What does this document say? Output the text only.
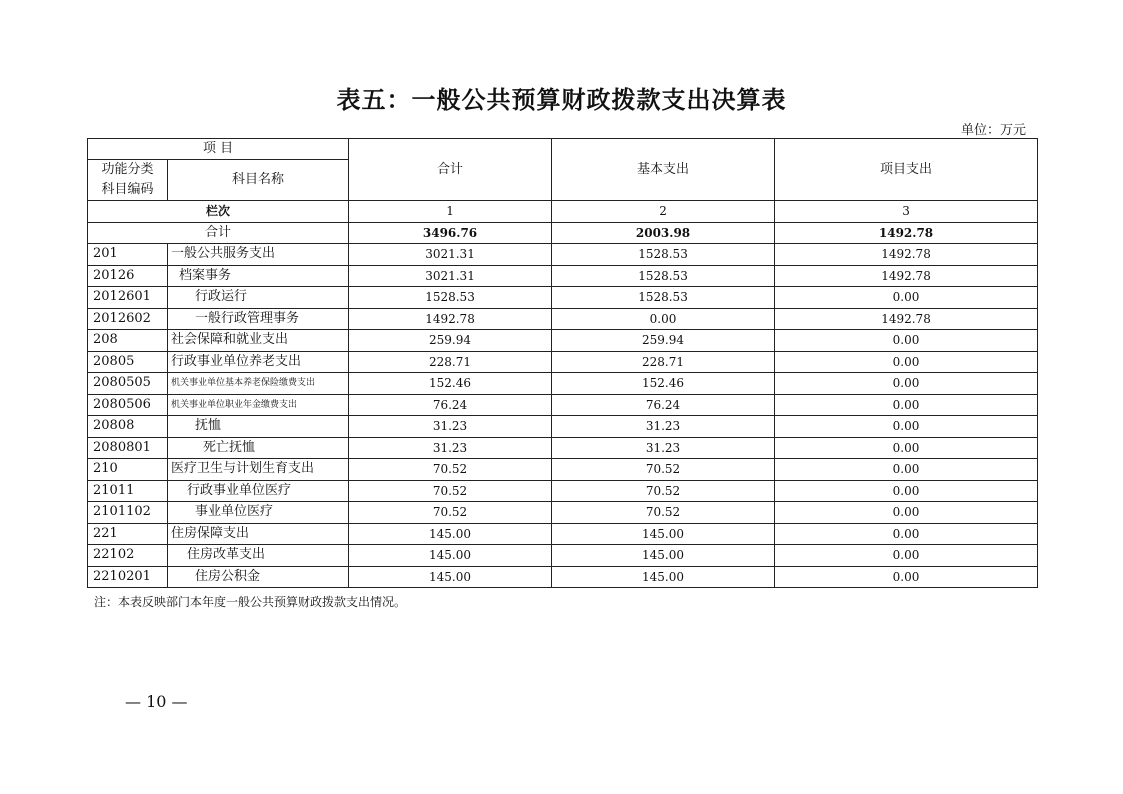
表五：一般公共预算财政拨款支出决算表
单位：万元
项 目		合计	基本支出	项目支出
功能分类
科目编码	科目名称			
栏次		1	2	3
合计		3496.76	2003.98	1492.78
201	一般公共服务支出	3021.31	1528.53	1492.78
20126	档案事务	3021.31	1528.53	1492.78
2012601	行政运行	1528.53	1528.53	0.00
2012602	一般行政管理事务	1492.78	0.00	1492.78
208	社会保障和就业支出	259.94	259.94	0.00
20805	行政事业单位养老支出	228.71	228.71	0.00
2080505	机关事业单位基本养老保险缴费支出	152.46	152.46	0.00
2080506	机关事业单位职业年金缴费支出	76.24	76.24	0.00
20808	抚恤	31.23	31.23	0.00
2080801	死亡抚恤	31.23	31.23	0.00
210	医疗卫生与计划生育支出	70.52	70.52	0.00
21011	行政事业单位医疗	70.52	70.52	0.00
2101102	事业单位医疗	70.52	70.52	0.00
221	住房保障支出	145.00	145.00	0.00
22102	住房改革支出	145.00	145.00	0.00
2210201	住房公积金	145.00	145.00	0.00
注：本表反映部门本年度一般公共预算财政拨款支出情况。
— 10 —
